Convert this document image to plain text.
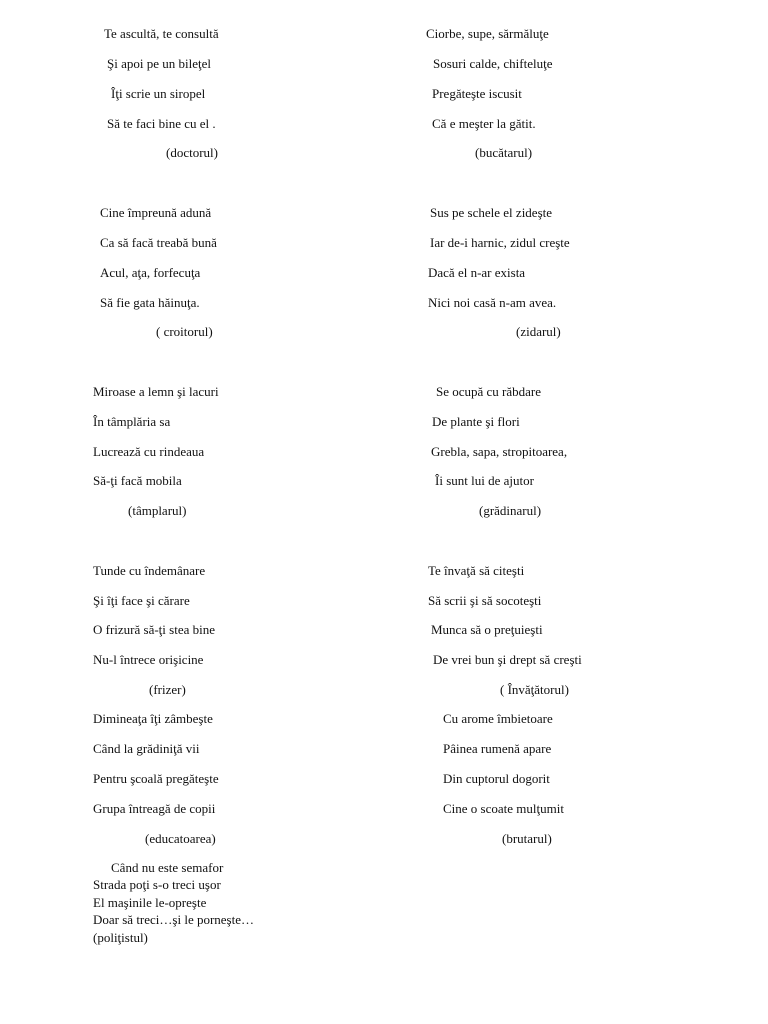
Te ascultă, te consultă
Şi apoi pe un bileţel
Îţi scrie un siropel
Să te faci bine cu el .
(doctorul)
Ciorbe, supe, sărmăluţe
Sosuri calde, chifteluţe
Pregăteşte iscusit
Că e meşter la gătit.
(bucătarul)
Cine împreună adună
Ca să facă treabă bună
Acul, aţa, forfecuţa
Să fie gata hăinuţa.
( croitorul)
Sus pe schele el zideşte
Iar de-i harnic, zidul creşte
Dacă el n-ar exista
Nici noi casă n-am avea.
(zidarul)
Miroase a lemn şi lacuri
În tâmplăria sa
Lucrează cu rindeaua
Să-ţi facă mobila
(tâmplarul)
Se ocupă cu răbdare
De plante şi flori
Grebla, sapa, stropitoarea,
Îi sunt lui de ajutor
(grădinarul)
Tunde cu îndemânare
Şi îţi face şi cărare
O frizură să-ţi stea bine
Nu-l întrece orişicine
(frizer)
Te învaţă să citeşti
Să scrii şi să socoteşti
Munca să o preţuieşti
De vrei bun şi drept să creşti
( Învăţătorul)
Dimineaţa îţi zâmbeşte
Când la grădiniţă vii
Pentru şcoală pregăteşte
Grupa întreagă de copii
(educatoarea)
Cu arome îmbietoare
Pâinea rumenă apare
Din cuptorul dogorit
Cine o scoate mulţumit
(brutarul)
Când nu este semafor
Strada poţi s-o treci uşor
El maşinile le-opreşte
Doar să treci…şi le porneşte…
(poliţistul)
